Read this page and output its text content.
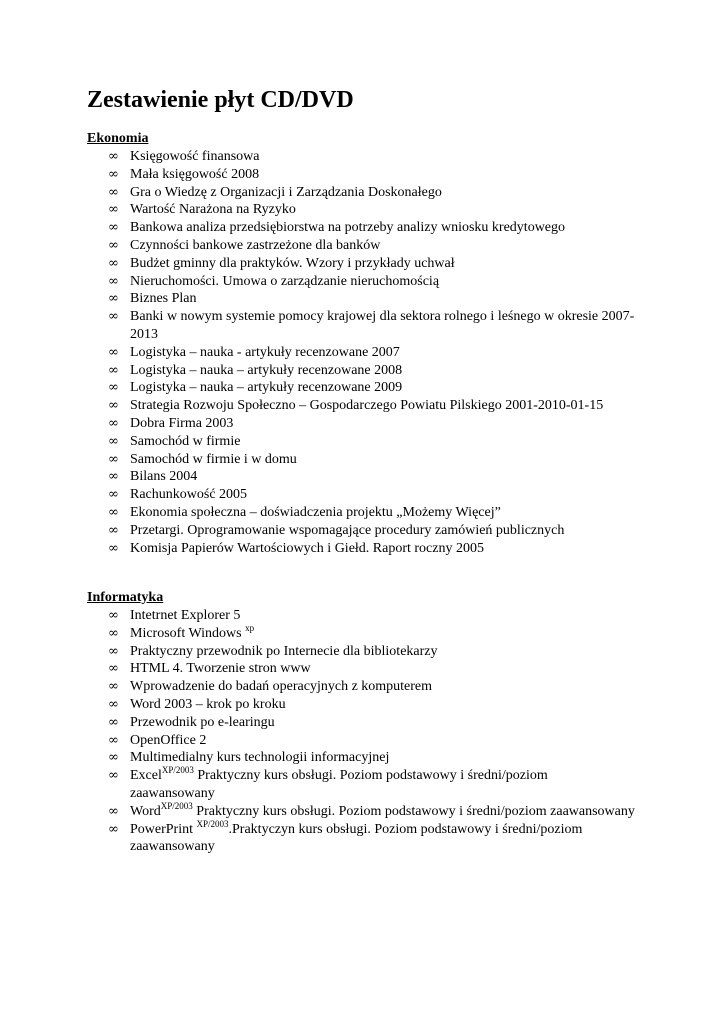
Zestawienie płyt CD/DVD
Ekonomia
∞ Księgowość finansowa
∞ Mała księgowość 2008
∞ Gra o Wiedzę z Organizacji i Zarządzania Doskonałego
∞ Wartość Narażona na Ryzyko
∞ Bankowa analiza przedsiębiorstwa na potrzeby analizy wniosku kredytowego
∞ Czynności bankowe zastrzeżone dla banków
∞ Budżet gminny dla praktyków. Wzory i przykłady uchwał
∞ Nieruchomości. Umowa o zarządzanie nieruchomością
∞ Biznes Plan
∞ Banki w nowym systemie pomocy krajowej dla sektora rolnego i leśnego w okresie 2007-2013
∞ Logistyka – nauka - artykuły recenzowane 2007
∞ Logistyka – nauka – artykuły recenzowane 2008
∞ Logistyka – nauka – artykuły recenzowane 2009
∞ Strategia Rozwoju Społeczno – Gospodarczego Powiatu Pilskiego 2001-2010-01-15
∞ Dobra Firma 2003
∞ Samochód w firmie
∞ Samochód w firmie i w domu
∞ Bilans 2004
∞ Rachunkowość 2005
∞ Ekonomia społeczna – doświadczenia projektu „Możemy Więcej”
∞ Przetargi. Oprogramowanie wspomagające procedury zamówień publicznych
∞ Komisja Papierów Wartościowych i Giełd. Raport roczny 2005
Informatyka
∞ Intetrnet Explorer 5
∞ Microsoft Windows $^{xp}$
∞ Praktyczny przewodnik po Internecie dla bibliotekarzy
∞ HTML 4. Tworzenie stron www
∞ Wprowadzenie do badań operacyjnych z komputerem
∞ Word 2003 – krok po kroku
∞ Przewodnik po e-learingu
∞ OpenOffice 2
∞ Multimedialny kurs technologii informacyjnej
∞ Excel$^{XP/2003}$ Praktyczny kurs obsługi. Poziom podstawowy i średni/poziom zaawansowany
∞ Word$^{XP/2003}$ Praktyczny kurs obsługi. Poziom podstawowy i średni/poziom zaawansowany
∞ PowerPrint $^{XP/2003}$.Praktyczyn kurs obsługi. Poziom podstawowy i średni/poziom zaawansowany
